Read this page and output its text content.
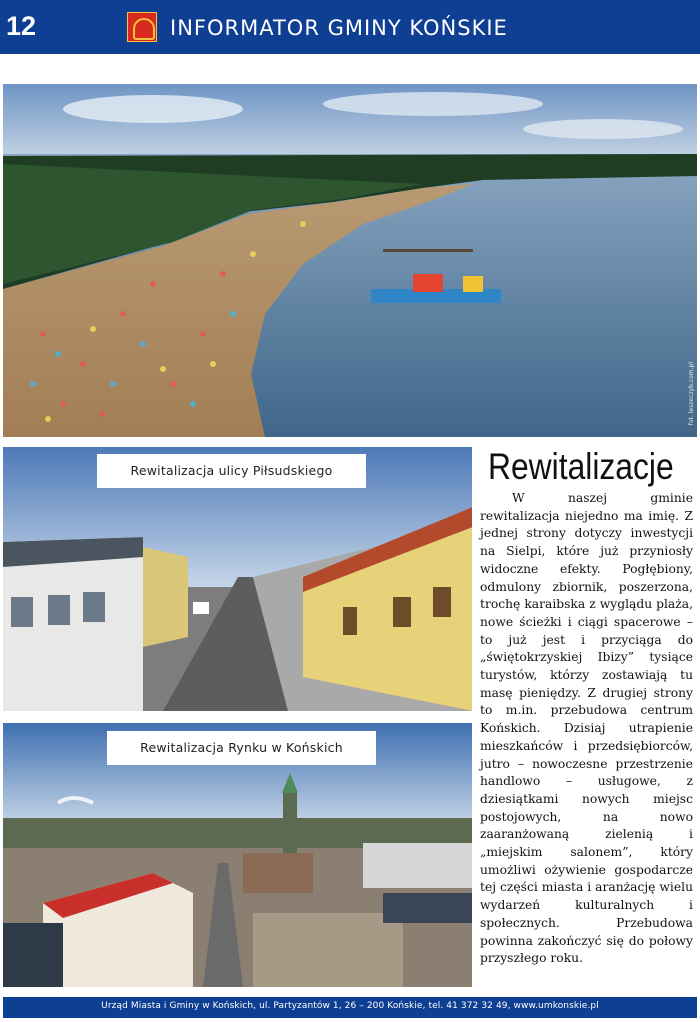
12	INFORMATOR GMINY KOŃSKIE
fot. leszeczyb.com.pl
Rewitalizacja ulicy Piłsudskiego
Rewitalizacja Rynku w Końskich
Rewitalizacje

W naszej gminie rewitalizacja niejedno ma imię. Z jednej strony dotyczy inwestycji na Sielpi, które już przyniosły widoczne efekty. Pogłębiony, odmulony zbiornik, poszerzona, trochę karaibska z wyglądu plaża, nowe ścieżki i ciągi spacerowe – to już jest i przyciąga do „świętokrzyskiej Ibizy” tysiące turystów, którzy zostawiają tu masę pieniędzy. Z drugiej strony to m.in. przebudowa centrum Końskich. Dzisiaj utrapienie mieszkańców i przedsiębiorców, jutro – nowoczesne przestrzenie handlowo – usługowe, z dziesiątkami nowych miejsc postojowych, na nowo zaaranżowaną zielenią i „miejskim salonem”, który umożliwi ożywienie gospodarcze tej części miasta i aranżację wielu wydarzeń kulturalnych i społecznych. Przebudowa powinna zakończyć się do połowy przyszłego roku.

Urząd Miasta i Gminy w Końskich, ul. Partyzantów 1, 26 – 200 Końskie, tel. 41 372 32 49, www.umkonskie.pl
